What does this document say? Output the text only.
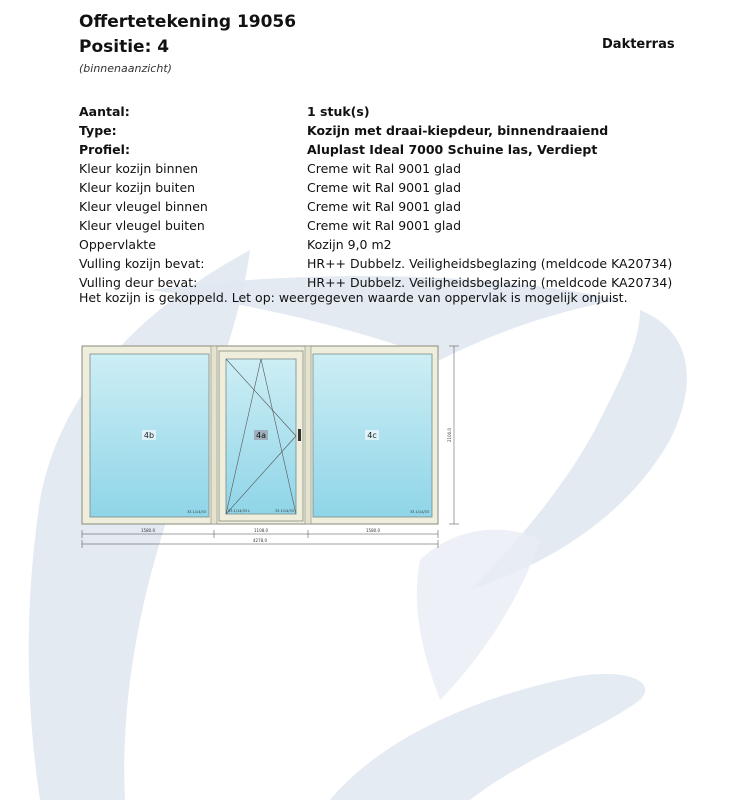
Offertetekening 19056
Positie: 4
(binnenaanzicht)
Dakterras
Aantal:	1 stuk(s)
Type:	Kozijn met draai-kiepdeur, binnendraaiend
Profiel:	Aluplast Ideal 7000 Schuine las, Verdiept
Kleur kozijn binnen	Creme wit Ral 9001 glad
Kleur kozijn buiten	Creme wit Ral 9001 glad
Kleur vleugel binnen	Creme wit Ral 9001 glad
Kleur vleugel buiten	Creme wit Ral 9001 glad
Oppervlakte	Kozijn 9,0 m2
Vulling kozijn bevat:	HR++ Dubbelz. Veiligheidsbeglazing (meldcode KA20734)
Vulling deur bevat:	HR++ Dubbelz. Veiligheidsbeglazing (meldcode KA20734)
Het kozijn is gekoppeld. Let op: weergegeven waarde van oppervlak is mogelijk onjuist.
4b	4a	4c
33.1/14/33	33.1/14/33 L	33.1/14/33	33.1/14/33
2100.0
1580.0	1108.0	1580.0
4278.0
